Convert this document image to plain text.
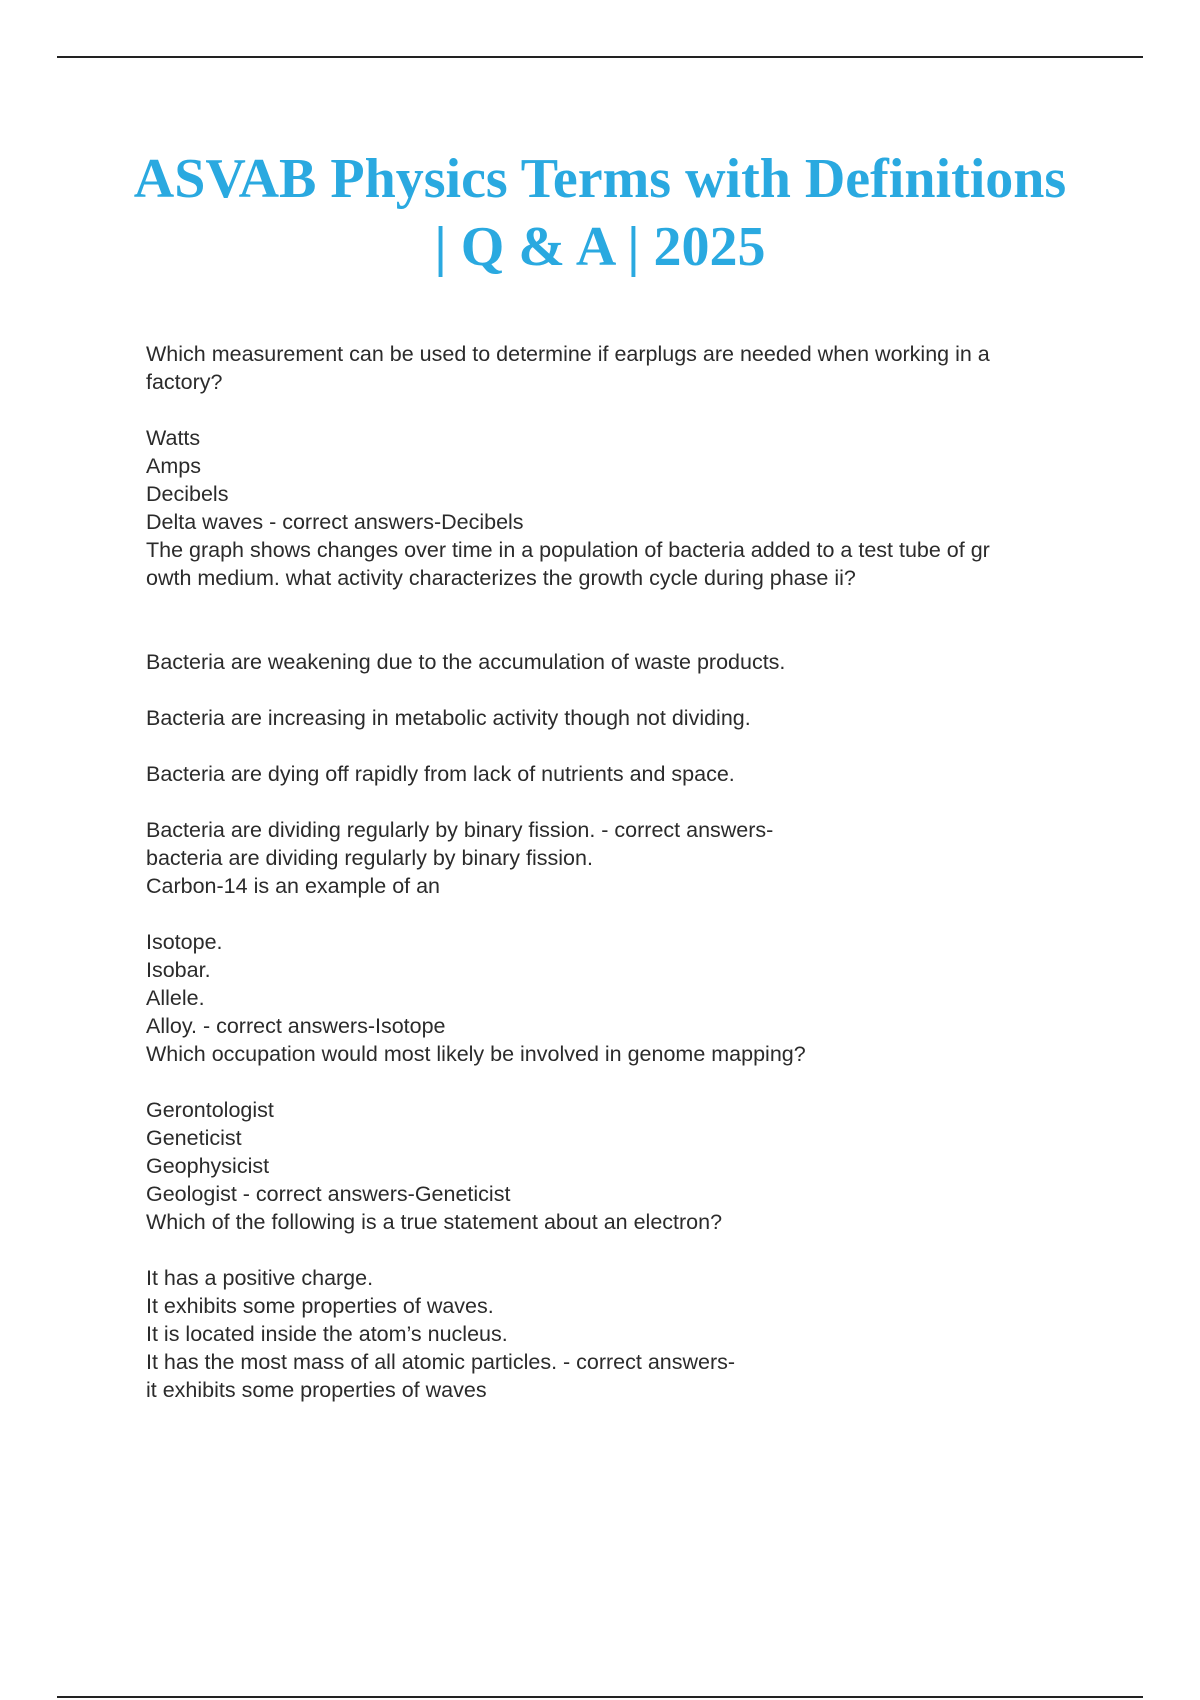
ASVAB Physics Terms with Definitions
| Q & A | 2025
Which measurement can be used to determine if earplugs are needed when working in a
factory?
Watts
Amps
Decibels
Delta waves - correct answers-Decibels
The graph shows changes over time in a population of bacteria added to a test tube of gr
owth medium. what activity characterizes the growth cycle during phase ii?
Bacteria are weakening due to the accumulation of waste products.
Bacteria are increasing in metabolic activity though not dividing.
Bacteria are dying off rapidly from lack of nutrients and space.
Bacteria are dividing regularly by binary fission. - correct answers-
bacteria are dividing regularly by binary fission.
Carbon-14 is an example of an
Isotope.
Isobar.
Allele.
Alloy. - correct answers-Isotope
Which occupation would most likely be involved in genome mapping?
Gerontologist
Geneticist
Geophysicist
Geologist - correct answers-Geneticist
Which of the following is a true statement about an electron?
It has a positive charge.
It exhibits some properties of waves.
It is located inside the atom’s nucleus.
It has the most mass of all atomic particles. - correct answers-
it exhibits some properties of waves
